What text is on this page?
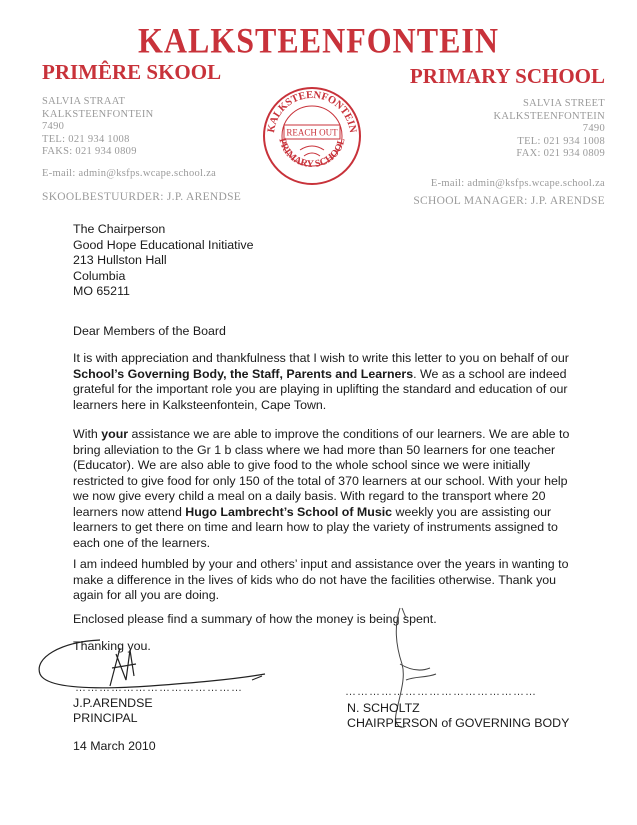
KALKSTEENFONTEIN
PRIMÊRE SKOOL	PRIMARY SCHOOL
SALVIA STRAAT
KALKSTEENFONTEIN
7490
TEL: 021 934 1008
FAKS: 021 934 0809
E-mail: admin@ksfps.wcape.school.za
SKOOLBESTUURDER: J.P. ARENDSE
SALVIA STREET
KALKSTEENFONTEIN
7490
TEL: 021 934 1008
FAX: 021 934 0809
E-mail: admin@ksfps.wcape.school.za
SCHOOL MANAGER: J.P. ARENDSE
KALKSTEENFONTEIN
REACH OUT
PRIMARY SCHOOL
The Chairperson
Good Hope Educational Initiative
213 Hullston Hall
Columbia
MO 65211
Dear Members of the Board
It is with appreciation and thankfulness that I wish to write this letter to you on behalf of our School’s Governing Body, the Staff, Parents and Learners. We as a school are indeed grateful for the important role you are playing in uplifting the standard and education of our learners here in Kalksteenfontein, Cape Town.
With your assistance we are able to improve the conditions of our learners. We are able to bring alleviation to the Gr 1 b class where we had more than 50 learners for one teacher (Educator). We are also able to give food to the whole school since we were initially restricted to give food for only 150 of the total of 370 learners at our school. With your help we now give every child a meal on a daily basis. With regard to the transport where 20 learners now attend Hugo Lambrecht’s School of Music weekly you are assisting our learners to get there on time and learn how to play the variety of instruments assigned to each one of the learners.
I am indeed humbled by your and others’ input and assistance over the years in wanting to make a difference in the lives of kids who do not have the facilities otherwise. Thank you again for all you are doing.
Enclosed please find a summary of how the money is being spent.
Thanking you.
……………………………………
J.P.ARENDSE
PRINCIPAL
…………………………………………
N. SCHOLTZ
CHAIRPERSON of GOVERNING BODY
14 March 2010
